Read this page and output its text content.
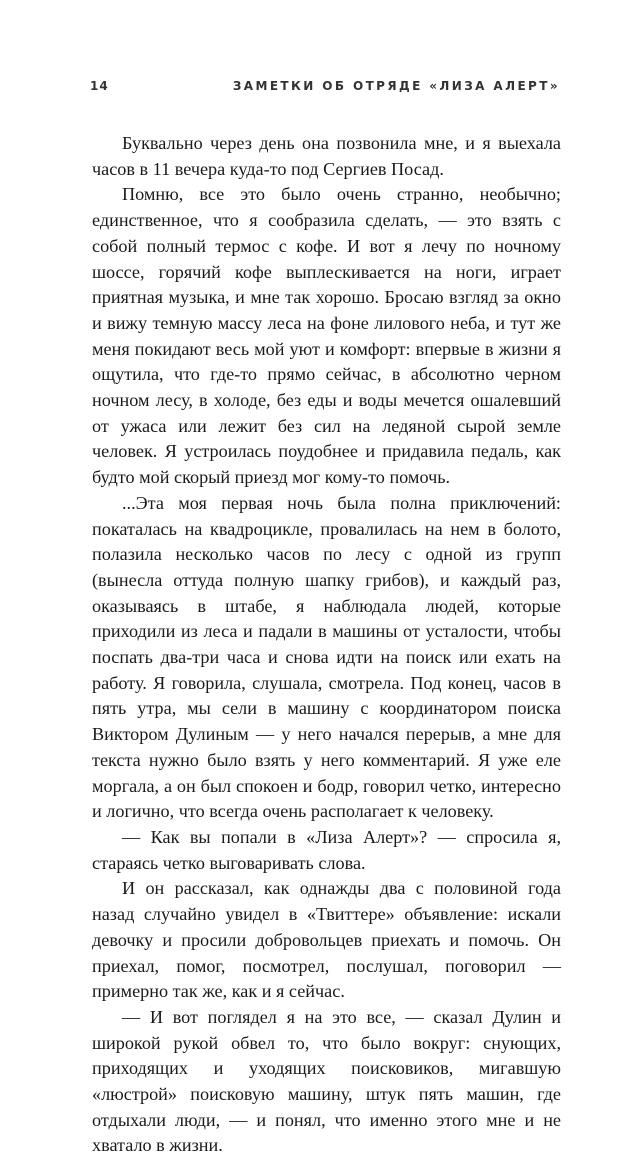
14	ЗАМЕТКИ ОБ ОТРЯДЕ «ЛИЗА АЛЕРТ»

Буквально через день она позвонила мне, и я выехала часов в 11 вечера куда-то под Сергиев Посад.

Помню, все это было очень странно, необычно; единственное, что я сообразила сделать, — это взять с собой полный термос с кофе. И вот я лечу по ночному шоссе, горячий кофе выплескивается на ноги, играет приятная музыка, и мне так хорошо. Бросаю взгляд за окно и вижу темную массу леса на фоне лилового неба, и тут же меня покидают весь мой уют и комфорт: впервые в жизни я ощутила, что где-то прямо сейчас, в абсолютно черном ночном лесу, в холоде, без еды и воды мечется ошалевший от ужаса или лежит без сил на ледяной сырой земле человек. Я устроилась поудобнее и придавила педаль, как будто мой скорый приезд мог кому-то помочь.

...Эта моя первая ночь была полна приключений: покаталась на квадроцикле, провалилась на нем в болото, полазила несколько часов по лесу с одной из групп (вынесла оттуда полную шапку грибов), и каждый раз, оказываясь в штабе, я наблюдала людей, которые приходили из леса и падали в машины от усталости, чтобы поспать два-три часа и снова идти на поиск или ехать на работу. Я говорила, слушала, смотрела. Под конец, часов в пять утра, мы сели в машину с координатором поиска Виктором Дулиным — у него начался перерыв, а мне для текста нужно было взять у него комментарий. Я уже еле моргала, а он был спокоен и бодр, говорил четко, интересно и логично, что всегда очень располагает к человеку.

— Как вы попали в «Лиза Алерт»? — спросила я, стараясь четко выговаривать слова.

И он рассказал, как однажды два с половиной года назад случайно увидел в «Твиттере» объявление: искали девочку и просили добровольцев приехать и помочь. Он приехал, помог, посмотрел, послушал, поговорил — примерно так же, как и я сейчас.

— И вот поглядел я на это все, — сказал Дулин и широкой рукой обвел то, что было вокруг: снующих, приходящих и уходящих поисковиков, мигавшую «люстрой» поисковую машину, штук пять машин, где отдыхали люди, — и понял, что именно этого мне и не хватало в жизни.
